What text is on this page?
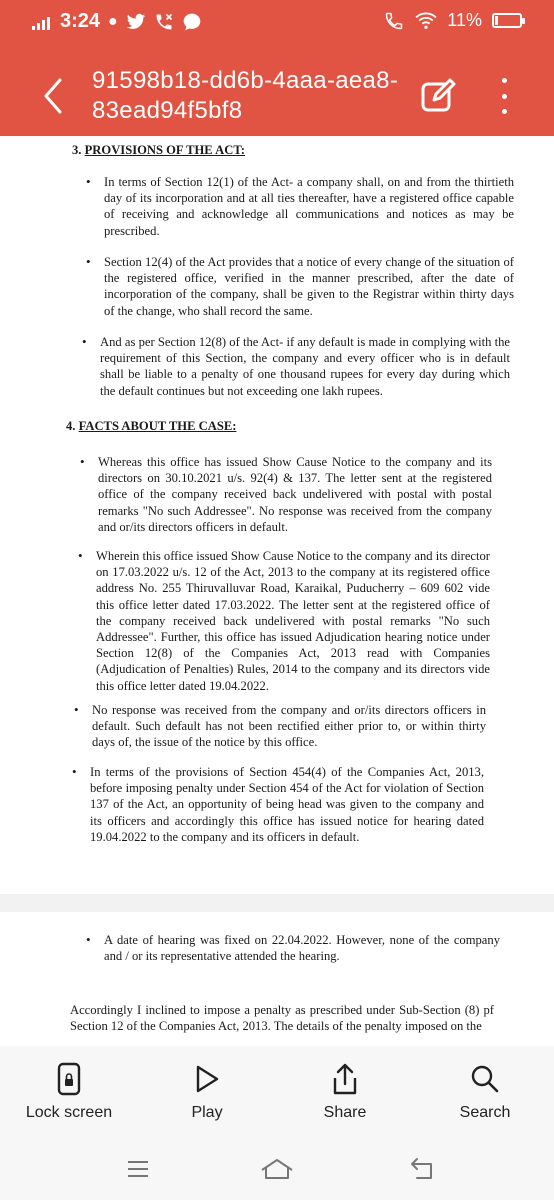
3:24 ●	11%
91598b18-dd6b-4aaa-aea8-
83ead94f5bf8
3. PROVISIONS OF THE ACT:
• In terms of Section 12(1) of the Act- a company shall, on and from the thirtieth day of its incorporation and at all ties thereafter, have a registered office capable of receiving and acknowledge all communications and notices as may be prescribed.
• Section 12(4) of the Act provides that a notice of every change of the situation of the registered office, verified in the manner prescribed, after the date of incorporation of the company, shall be given to the Registrar within thirty days of the change, who shall record the same.
• And as per Section 12(8) of the Act- if any default is made in complying with the requirement of this Section, the company and every officer who is in default shall be liable to a penalty of one thousand rupees for every day during which the default continues but not exceeding one lakh rupees.
4. FACTS ABOUT THE CASE:
• Whereas this office has issued Show Cause Notice to the company and its directors on 30.10.2021 u/s. 92(4) & 137. The letter sent at the registered office of the company received back undelivered with postal with postal remarks "No such Addressee". No response was received from the company and or/its directors officers in default.
• Wherein this office issued Show Cause Notice to the company and its director on 17.03.2022 u/s. 12 of the Act, 2013 to the company at its registered office address No. 255 Thiruvalluvar Road, Karaikal, Puducherry – 609 602 vide this office letter dated 17.03.2022. The letter sent at the registered office of the company received back undelivered with postal remarks "No such Addressee". Further, this office has issued Adjudication hearing notice under Section 12(8) of the Companies Act, 2013 read with Companies (Adjudication of Penalties) Rules, 2014 to the company and its directors vide this office letter dated 19.04.2022.
• No response was received from the company and or/its directors officers in default. Such default has not been rectified either prior to, or within thirty days of, the issue of the notice by this office.
• In terms of the provisions of Section 454(4) of the Companies Act, 2013, before imposing penalty under Section 454 of the Act for violation of Section 137 of the Act, an opportunity of being head was given to the company and its officers and accordingly this office has issued notice for hearing dated 19.04.2022 to the company and its officers in default.
• A date of hearing was fixed on 22.04.2022. However, none of the company and / or its representative attended the hearing.
Accordingly I inclined to impose a penalty as prescribed under Sub-Section (8) pf Section 12 of the Companies Act, 2013. The details of the penalty imposed on the
Lock screen	Play	Share	Search
